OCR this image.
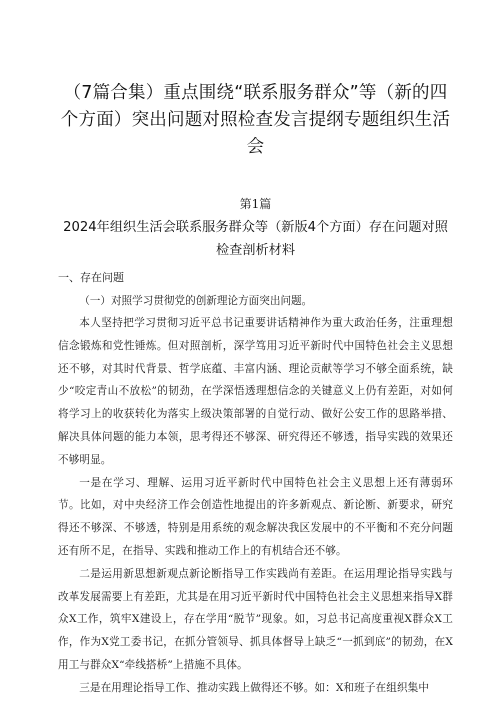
（7篇合集）重点围绕“联系服务群众”等（新的四个方面）突出问题对照检查发言提纲专题组织生活会
第1篇
2024年组织生活会联系服务群众等（新版4个方面）存在问题对照检查剖析材料
一、存在问题

（一）对照学习贯彻党的创新理论方面突出问题。

本人坚持把学习贯彻习近平总书记重要讲话精神作为重大政治任务，注重理想信念锻炼和党性锤炼。但对照剖析，深学笃用习近平新时代中国特色社会主义思想还不够，对其时代背景、哲学底蕴、丰富内涵、理论贡献等学习不够全面系统，缺少“咬定青山不放松”的韧劲，在学深悟透理想信念的关键意义上仍有差距，对如何将学习上的收获转化为落实上级决策部署的自觉行动、做好公安工作的思路举措、解决具体问题的能力本领，思考得还不够深、研究得还不够透，指导实践的效果还不够明显。

一是在学习、理解、运用习近平新时代中国特色社会主义思想上还有薄弱环节。比如，对中央经济工作会创造性地提出的许多新观点、新论断、新要求，研究得还不够深、不够透，特别是用系统的观念解决我区发展中的不平衡和不充分问题还有所不足，在指导、实践和推动工作上的有机结合还不够。

二是运用新思想新观点新论断指导工作实践尚有差距。在运用理论指导实践与改革发展需要上有差距，尤其是在用习近平新时代中国特色社会主义思想来指导X群众X工作，筑牢X建设上，存在学用“脱节”现象。如，习总书记高度重视X群众X工作，作为X党工委书记，在抓分管领导、抓具体督导上缺乏“一抓到底”的韧劲，在X用工与群众X“牵线搭桥”上措施不具体。

三是在用理论指导工作、推动实践上做得还不够。如：X和班子在组织集中
